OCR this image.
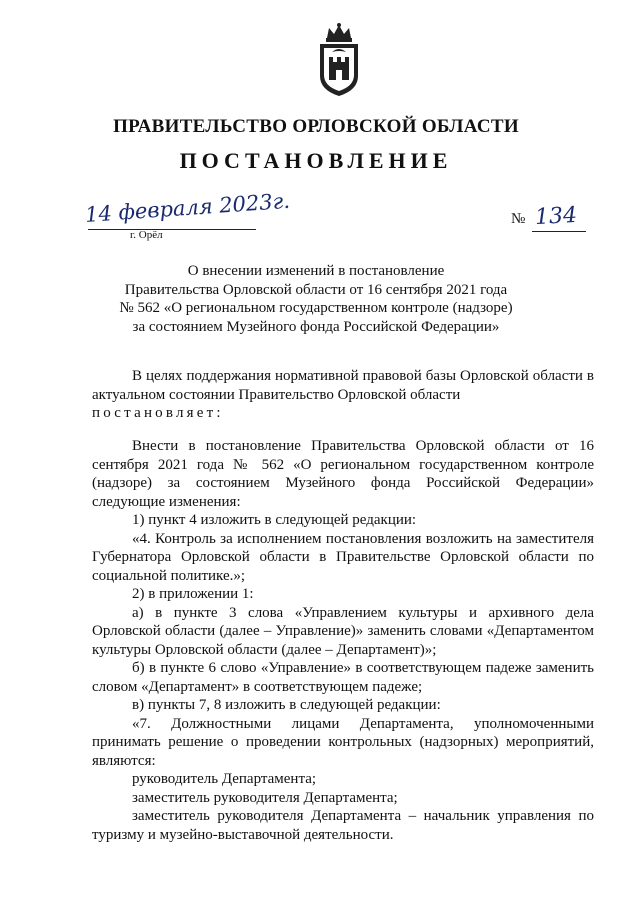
ПРАВИТЕЛЬСТВО ОРЛОВСКОЙ ОБЛАСТИ
ПОСТАНОВЛЕНИЕ
14 февраля 2023г.
г. Орёл
№ 134
О внесении изменений в постановление
Правительства Орловской области от 16 сентября 2021 года
№ 562 «О региональном государственном контроле (надзоре)
за состоянием Музейного фонда Российской Федерации»

В целях поддержания нормативной правовой базы Орловской области в актуальном состоянии Правительство Орловской области

постановляет:

Внести в постановление Правительства Орловской области от 16 сентября 2021 года № 562 «О региональном государственном контроле (надзоре) за состоянием Музейного фонда Российской Федерации» следующие изменения:

1) пункт 4 изложить в следующей редакции:

«4. Контроль за исполнением постановления возложить на заместителя Губернатора Орловской области в Правительстве Орловской области по социальной политике.»;

2) в приложении 1:

а) в пункте 3 слова «Управлением культуры и архивного дела Орловской области (далее – Управление)» заменить словами «Департаментом культуры Орловской области (далее – Департамент)»;

б) в пункте 6 слово «Управление» в соответствующем падеже заменить словом «Департамент» в соответствующем падеже;

в) пункты 7, 8 изложить в следующей редакции:

«7. Должностными лицами Департамента, уполномоченными принимать решение о проведении контрольных (надзорных) мероприятий, являются:

руководитель Департамента;

заместитель руководителя Департамента;

заместитель руководителя Департамента – начальник управления по туризму и музейно-выставочной деятельности.
